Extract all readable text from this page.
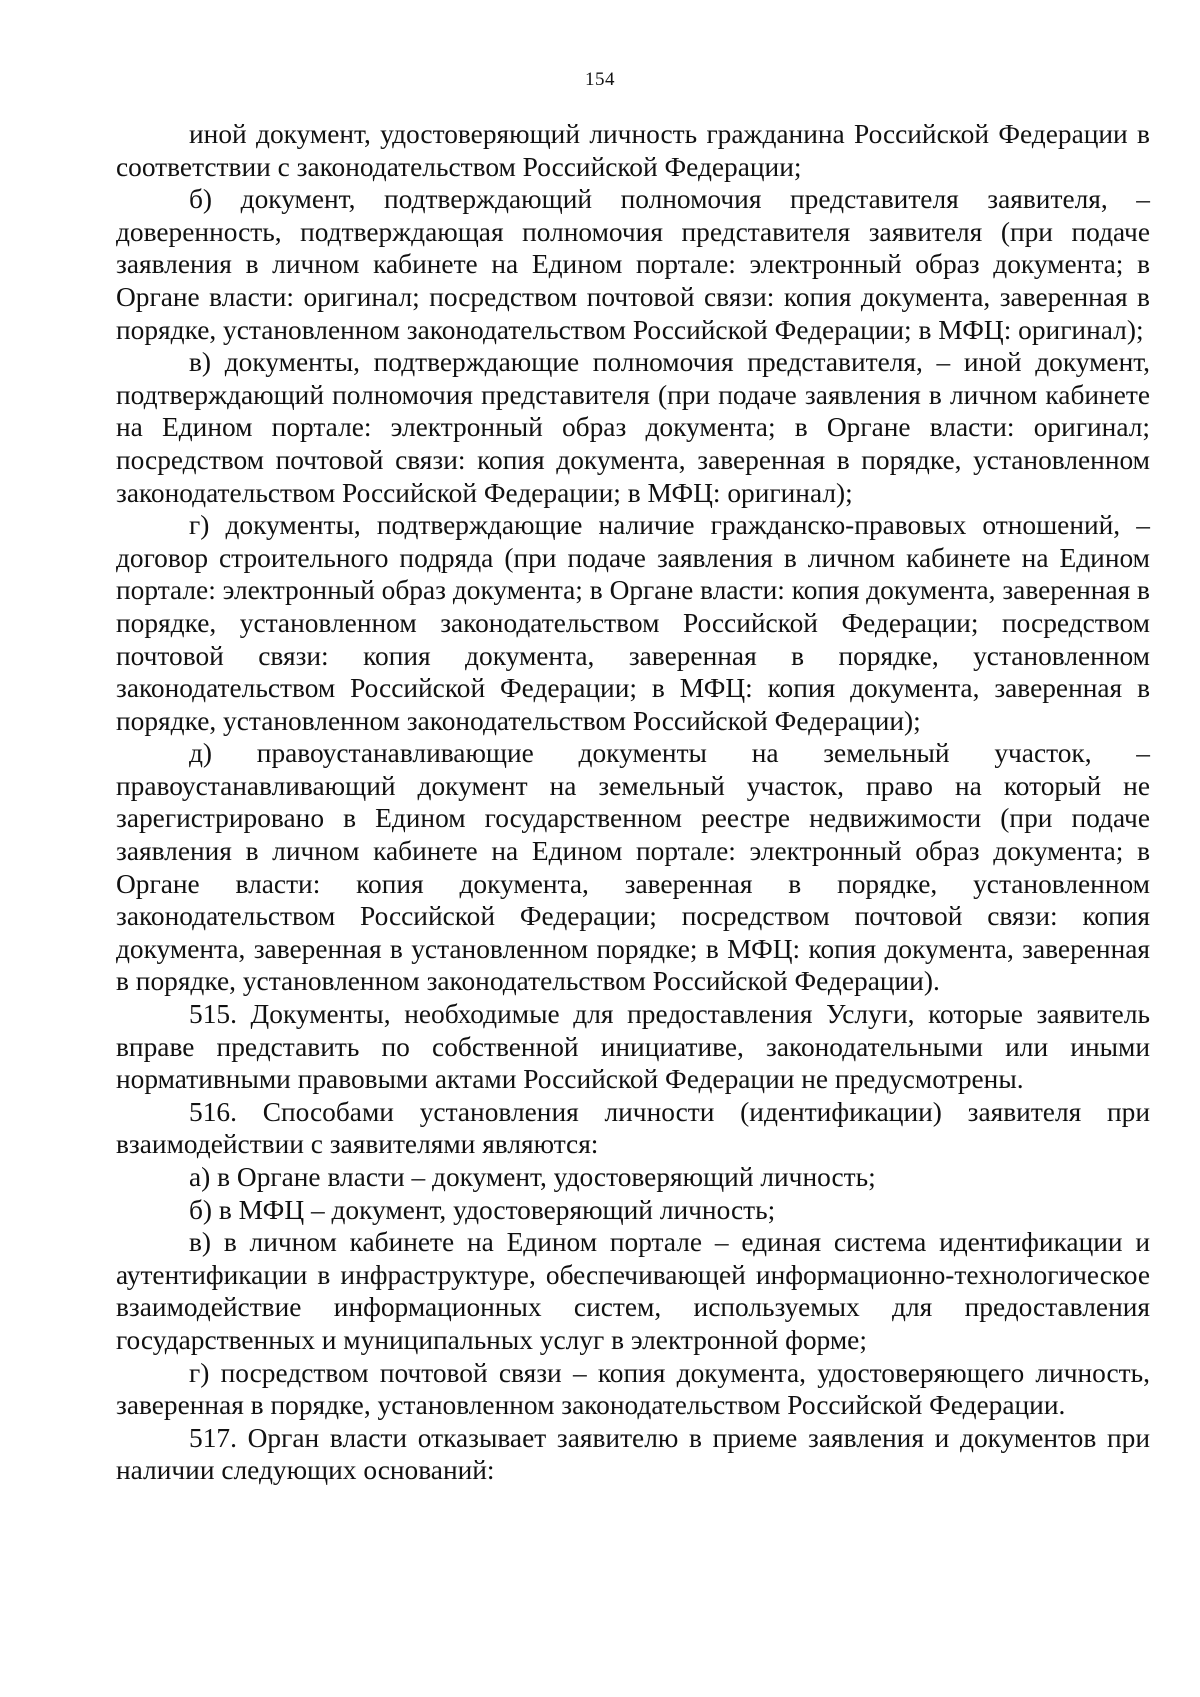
154

иной документ, удостоверяющий личность гражданина Российской Федерации в соответствии с законодательством Российской Федерации;

б) документ, подтверждающий полномочия представителя заявителя, – доверенность, подтверждающая полномочия представителя заявителя (при подаче заявления в личном кабинете на Едином портале: электронный образ документа; в Органе власти: оригинал; посредством почтовой связи: копия документа, заверенная в порядке, установленном законодательством Российской Федерации; в МФЦ: оригинал);

в) документы, подтверждающие полномочия представителя, – иной документ, подтверждающий полномочия представителя (при подаче заявления в личном кабинете на Едином портале: электронный образ документа; в Органе власти: оригинал; посредством почтовой связи: копия документа, заверенная в порядке, установленном законодательством Российской Федерации; в МФЦ: оригинал);

г) документы, подтверждающие наличие гражданско-правовых отношений, – договор строительного подряда (при подаче заявления в личном кабинете на Едином портале: электронный образ документа; в Органе власти: копия документа, заверенная в порядке, установленном законодательством Российской Федерации; посредством почтовой связи: копия документа, заверенная в порядке, установленном законодательством Российской Федерации; в МФЦ: копия документа, заверенная в порядке, установленном законодательством Российской Федерации);

д) правоустанавливающие документы на земельный участок, – правоустанавливающий документ на земельный участок, право на который не зарегистрировано в Едином государственном реестре недвижимости (при подаче заявления в личном кабинете на Едином портале: электронный образ документа; в Органе власти: копия документа, заверенная в порядке, установленном законодательством Российской Федерации; посредством почтовой связи: копия документа, заверенная в установленном порядке; в МФЦ: копия документа, заверенная в порядке, установленном законодательством Российской Федерации).

515. Документы, необходимые для предоставления Услуги, которые заявитель вправе представить по собственной инициативе, законодательными или иными нормативными правовыми актами Российской Федерации не предусмотрены.

516. Способами установления личности (идентификации) заявителя при взаимодействии с заявителями являются:

а) в Органе власти – документ, удостоверяющий личность;

б) в МФЦ – документ, удостоверяющий личность;

в) в личном кабинете на Едином портале – единая система идентификации и аутентификации в инфраструктуре, обеспечивающей информационно-технологическое взаимодействие информационных систем, используемых для предоставления государственных и муниципальных услуг в электронной форме;

г) посредством почтовой связи – копия документа, удостоверяющего личность, заверенная в порядке, установленном законодательством Российской Федерации.

517. Орган власти отказывает заявителю в приеме заявления и документов при наличии следующих оснований:
